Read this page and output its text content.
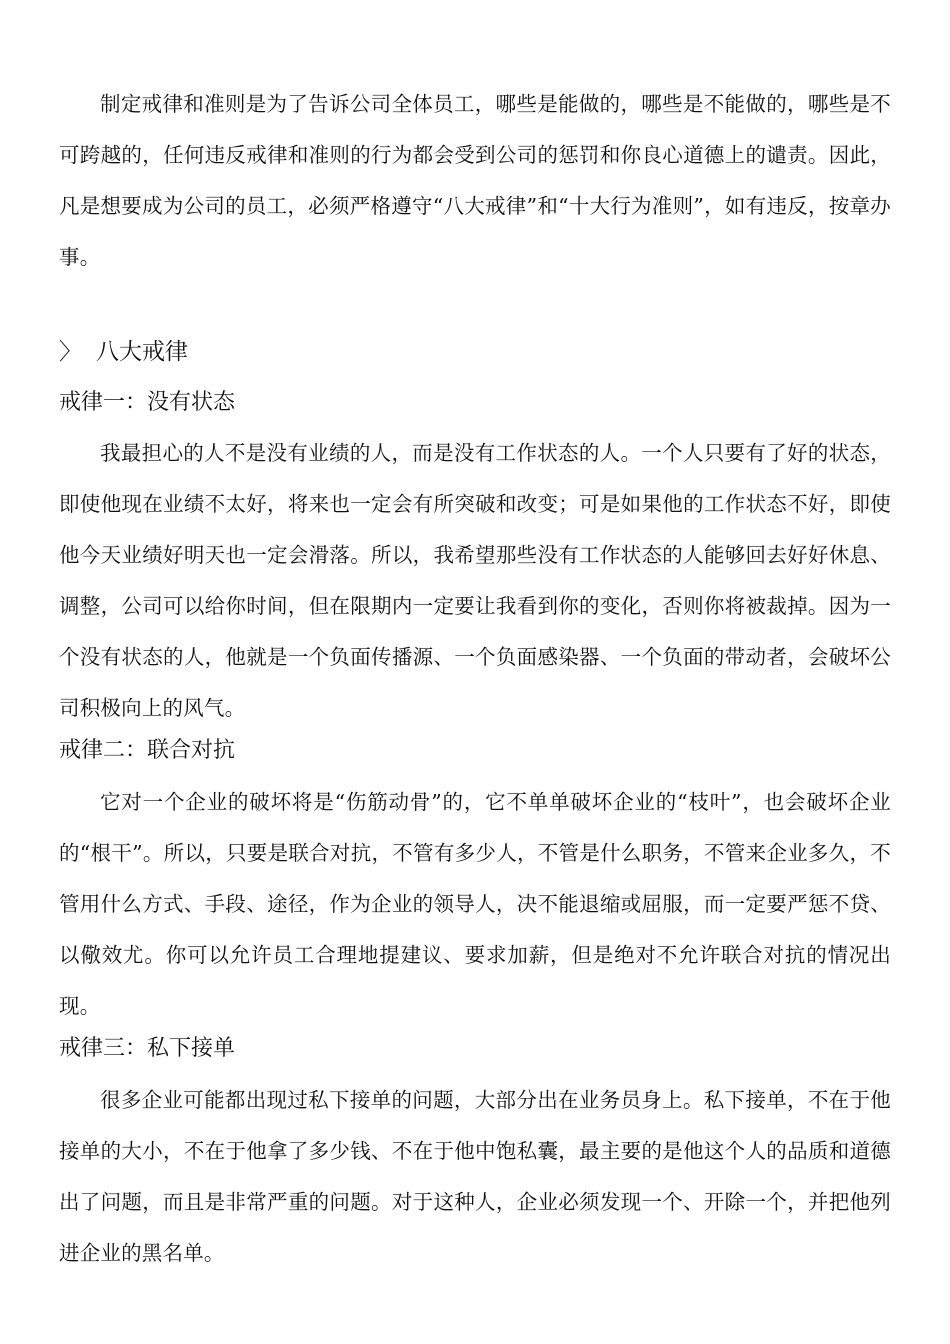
制定戒律和准则是为了告诉公司全体员工，哪些是能做的，哪些是不能做的，哪些是不可跨越的，任何违反戒律和准则的行为都会受到公司的惩罚和你良心道德上的谴责。因此，凡是想要成为公司的员工，必须严格遵守“八大戒律”和“十大行为准则”，如有违反，按章办事。

〉 八大戒律
戒律一：没有状态

我最担心的人不是没有业绩的人，而是没有工作状态的人。一个人只要有了好的状态，即使他现在业绩不太好，将来也一定会有所突破和改变；可是如果他的工作状态不好，即使他今天业绩好明天也一定会滑落。所以，我希望那些没有工作状态的人能够回去好好休息、调整，公司可以给你时间，但在限期内一定要让我看到你的变化，否则你将被裁掉。因为一个没有状态的人，他就是一个负面传播源、一个负面感染器、一个负面的带动者，会破坏公司积极向上的风气。

戒律二：联合对抗

它对一个企业的破坏将是“伤筋动骨”的，它不单单破坏企业的“枝叶”，也会破坏企业的“根干”。所以，只要是联合对抗，不管有多少人，不管是什么职务，不管来企业多久，不管用什么方式、手段、途径，作为企业的领导人，决不能退缩或屈服，而一定要严惩不贷、以儆效尤。你可以允许员工合理地提建议、要求加薪，但是绝对不允许联合对抗的情况出现。

戒律三：私下接单

很多企业可能都出现过私下接单的问题，大部分出在业务员身上。私下接单，不在于他接单的大小，不在于他拿了多少钱、不在于他中饱私囊，最主要的是他这个人的品质和道德出了问题，而且是非常严重的问题。对于这种人，企业必须发现一个、开除一个，并把他列进企业的黑名单。
